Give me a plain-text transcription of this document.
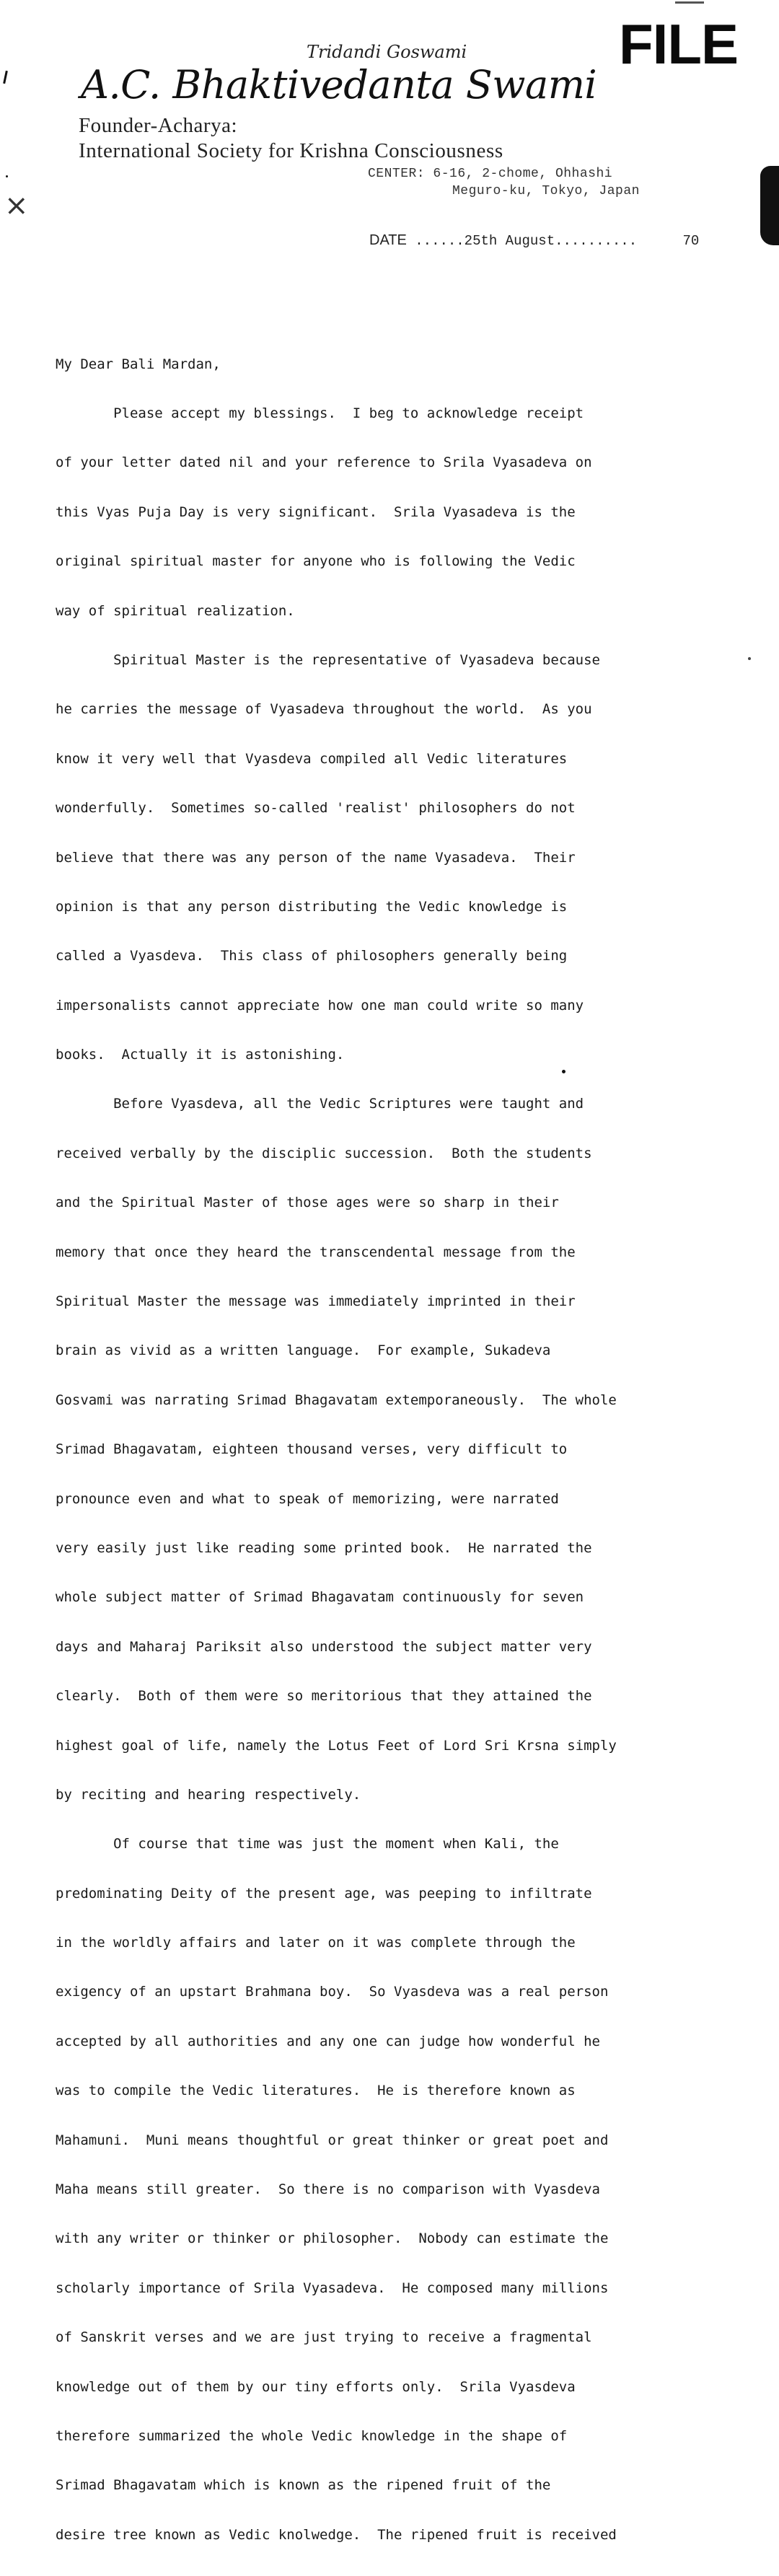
FILE
Tridandi Goswami
A.C. Bhaktivedanta Swami
Founder-Acharya:
International Society for Krishna Consciousness
CENTER: 6-16, 2-chome, Ohhashi
Meguro-ku, Tokyo, Japan
DATE ......25th August..........	70

My Dear Bali Mardan,

Please accept my blessings.  I beg to acknowledge receipt

of your letter dated nil and your reference to Srila Vyasadeva on

this Vyas Puja Day is very significant.  Srila Vyasadeva is the

original spiritual master for anyone who is following the Vedic

way of spiritual realization.

Spiritual Master is the representative of Vyasadeva because

he carries the message of Vyasadeva throughout the world.  As you

know it very well that Vyasdeva compiled all Vedic literatures

wonderfully.  Sometimes so-called 'realist' philosophers do not

believe that there was any person of the name Vyasadeva.  Their

opinion is that any person distributing the Vedic knowledge is

called a Vyasdeva.  This class of philosophers generally being

impersonalists cannot appreciate how one man could write so many

books.  Actually it is astonishing.

Before Vyasdeva, all the Vedic Scriptures were taught and

received verbally by the disciplic succession.  Both the students

and the Spiritual Master of those ages were so sharp in their

memory that once they heard the transcendental message from the

Spiritual Master the message was immediately imprinted in their

brain as vivid as a written language.  For example, Sukadeva

Gosvami was narrating Srimad Bhagavatam extemporaneously.  The whole

Srimad Bhagavatam, eighteen thousand verses, very difficult to

pronounce even and what to speak of memorizing, were narrated

very easily just like reading some printed book.  He narrated the

whole subject matter of Srimad Bhagavatam continuously for seven

days and Maharaj Pariksit also understood the subject matter very

clearly.  Both of them were so meritorious that they attained the

highest goal of life, namely the Lotus Feet of Lord Sri Krsna simply

by reciting and hearing respectively.

Of course that time was just the moment when Kali, the

predominating Deity of the present age, was peeping to infiltrate

in the worldly affairs and later on it was complete through the

exigency of an upstart Brahmana boy.  So Vyasdeva was a real person

accepted by all authorities and any one can judge how wonderful he

was to compile the Vedic literatures.  He is therefore known as

Mahamuni.  Muni means thoughtful or great thinker or great poet and

Maha means still greater.  So there is no comparison with Vyasdeva

with any writer or thinker or philosopher.  Nobody can estimate the

scholarly importance of Srila Vyasadeva.  He composed many millions

of Sanskrit verses and we are just trying to receive a fragmental

knowledge out of them by our tiny efforts only.  Srila Vyasdeva

therefore summarized the whole Vedic knowledge in the shape of

Srimad Bhagavatam which is known as the ripened fruit of the

desire tree known as Vedic knolwedge.  The ripened fruit is received

⨯
